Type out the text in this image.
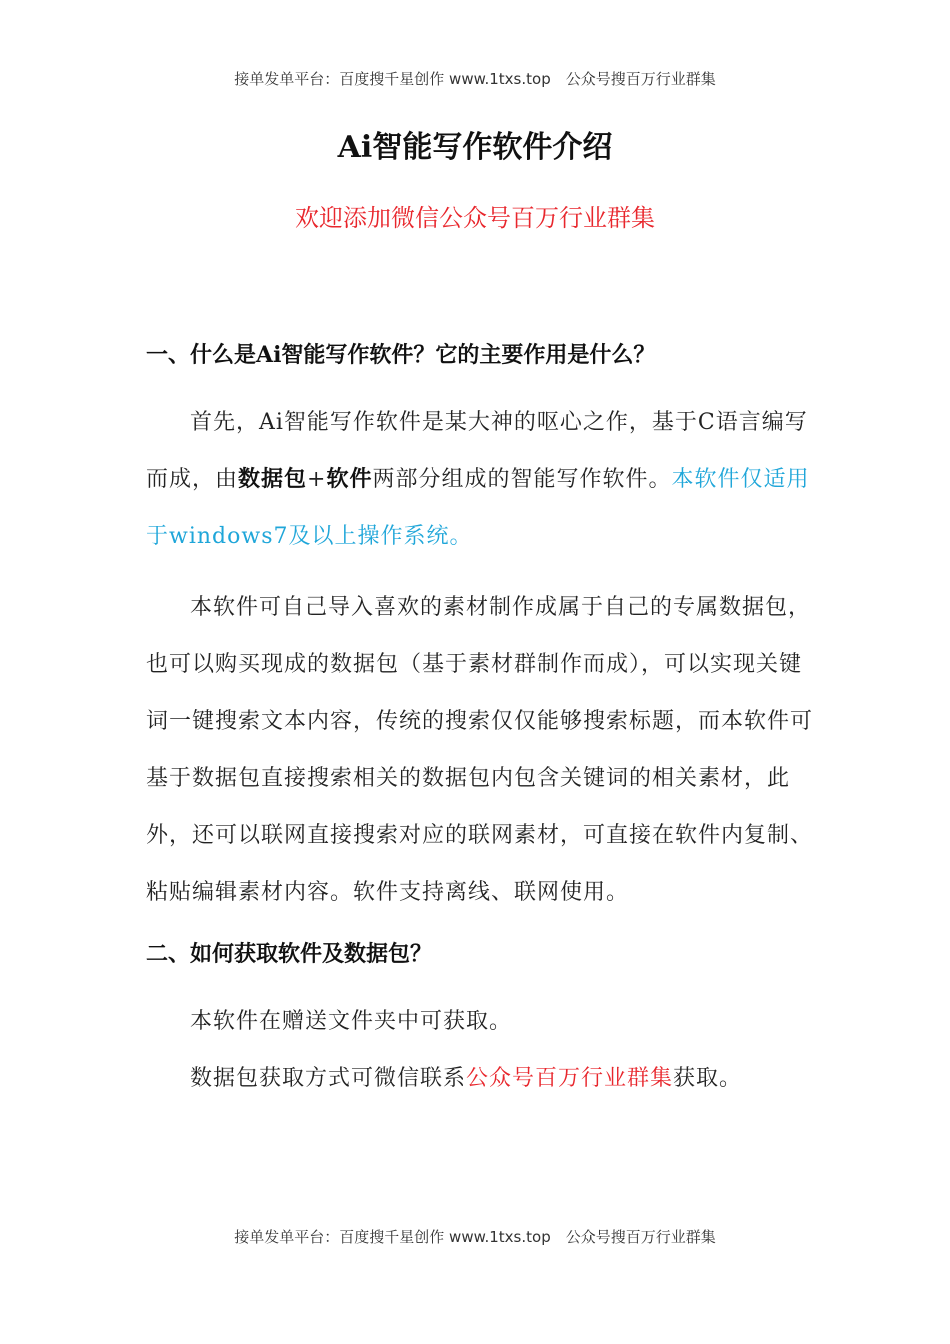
接单发单平台：百度搜千星创作 www.1txs.top　公众号搜百万行业群集
Ai智能写作软件介绍
欢迎添加微信公众号百万行业群集

一、什么是Ai智能写作软件？它的主要作用是什么？

首先，Ai智能写作软件是某大神的呕心之作，基于C语言编写而成，由数据包+软件两部分组成的智能写作软件。本软件仅适用于windows7及以上操作系统。

本软件可自己导入喜欢的素材制作成属于自己的专属数据包，也可以购买现成的数据包（基于素材群制作而成），可以实现关键词一键搜索文本内容，传统的搜索仅仅能够搜索标题，而本软件可基于数据包直接搜索相关的数据包内包含关键词的相关素材，此外，还可以联网直接搜索对应的联网素材，可直接在软件内复制、粘贴编辑素材内容。软件支持离线、联网使用。

二、如何获取软件及数据包？

本软件在赠送文件夹中可获取。

数据包获取方式可微信联系公众号百万行业群集获取。

接单发单平台：百度搜千星创作 www.1txs.top　公众号搜百万行业群集
